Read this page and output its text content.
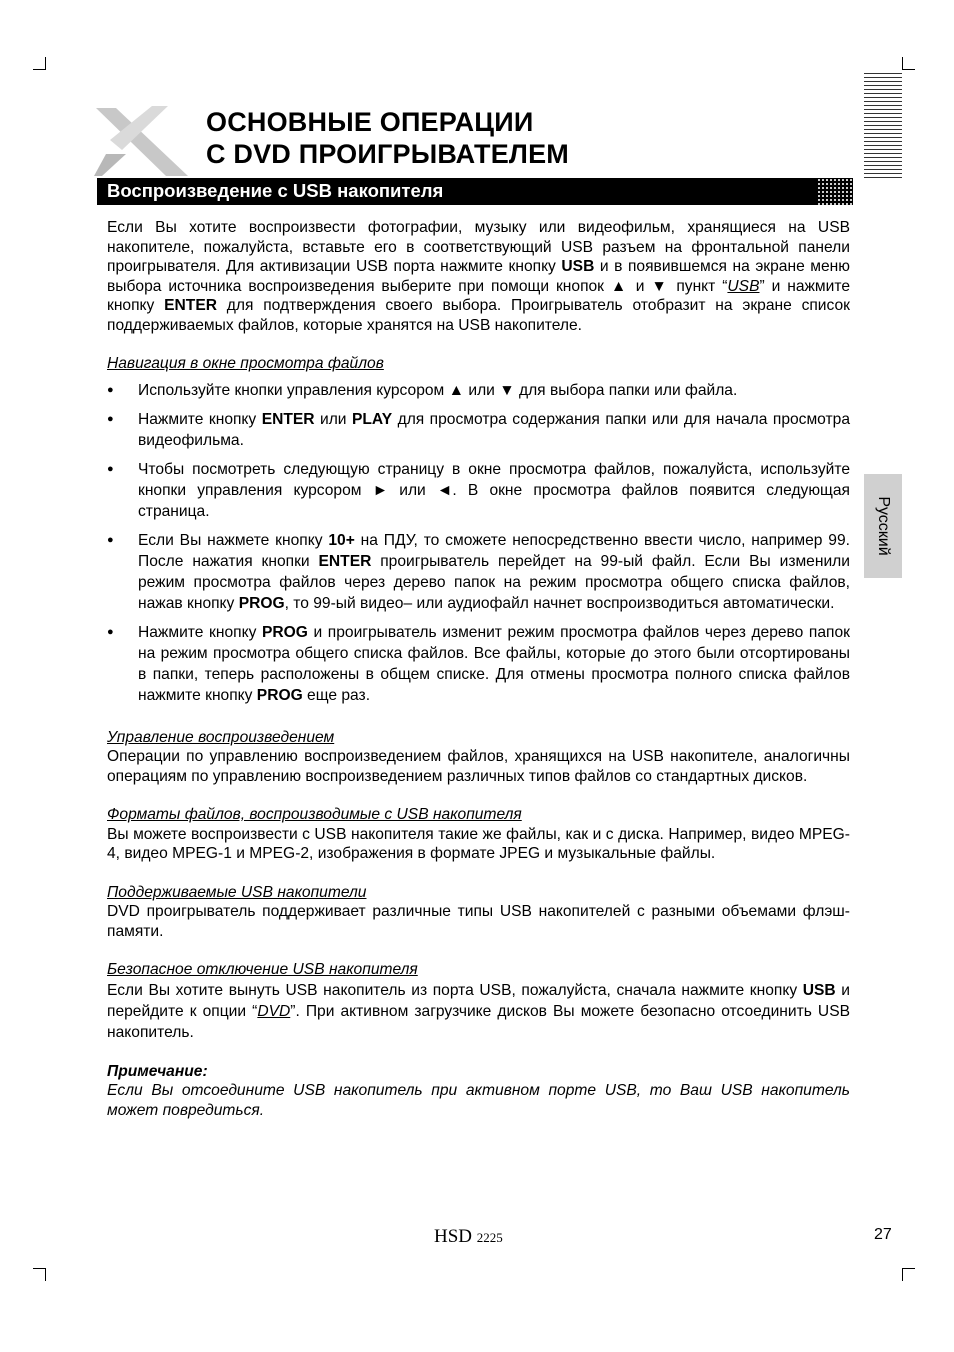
ОСНОВНЫЕ ОПЕРАЦИИ
С DVD ПРОИГРЫВАТЕЛЕМ
Воспроизведение с USB накопителя
Русский

Если Вы хотите воспроизвести фотографии, музыку или видеофильм, хранящиеся на USB накопителе, пожалуйста, вставьте его в соответствующий USB разъем на фронтальной панели проигрывателя. Для активизации USB порта нажмите кнопку USB и в появившемся на экране меню выбора источника воспроизведения выберите при помощи кнопок ▲ и ▼ пункт “USB” и нажмите кнопку ENTER для подтверждения своего выбора. Проигрыватель отобразит на экране список поддерживаемых файлов, которые хранятся на USB накопителе.

Навигация в окне просмотра файлов

● Используйте кнопки управления курсором ▲ или ▼ для выбора папки или файла.
● Нажмите кнопку ENTER или PLAY для просмотра содержания папки или для начала просмотра видеофильма.
● Чтобы посмотреть следующую страницу в окне просмотра файлов, пожалуйста, используйте кнопки управления курсором ► или ◄. В окне просмотра файлов появится следующая страница.
● Если Вы нажмете кнопку 10+ на ПДУ, то сможете непосредственно ввести число, например 99. После нажатия кнопки ENTER проигрыватель перейдет на 99-ый файл. Если Вы изменили режим просмотра файлов через дерево папок на режим просмотра общего списка файлов, нажав кнопку PROG, то 99-ый видео– или аудиофайл начнет воспроизводиться автоматически.
● Нажмите кнопку PROG и проигрыватель изменит режим просмотра файлов через дерево папок на режим просмотра общего списка файлов. Все файлы, которые до этого были отсортированы в папки, теперь расположены в общем списке. Для отмены просмотра полного списка файлов нажмите кнопку PROG еще раз.

Управление воспроизведением

Операции по управлению воспроизведением файлов, хранящихся на USB накопителе, аналогичны операциям по управлению воспроизведением различных типов файлов со стандартных дисков.

Форматы файлов, воспроизводимые с USB накопителя

Вы можете воспроизвести с USB накопителя такие же файлы, как и с диска. Например, видео MPEG-4, видео MPEG-1 и MPEG-2, изображения в формате JPEG и музыкальные файлы.

Поддерживаемые USB накопители

DVD проигрыватель поддерживает различные типы USB накопителей с разными объемами флэш-памяти.

Безопасное отключение USB накопителя

Если Вы хотите вынуть USB накопитель из порта USB, пожалуйста, сначала нажмите кнопку USB и перейдите к опции “DVD”. При активном загрузчике дисков Вы можете безопасно отсоединить USB накопитель.

Примечание:

Если Вы отсоедините USB накопитель при активном порте USB, то Ваш USB накопитель может повредиться.

HSD 2225	27
